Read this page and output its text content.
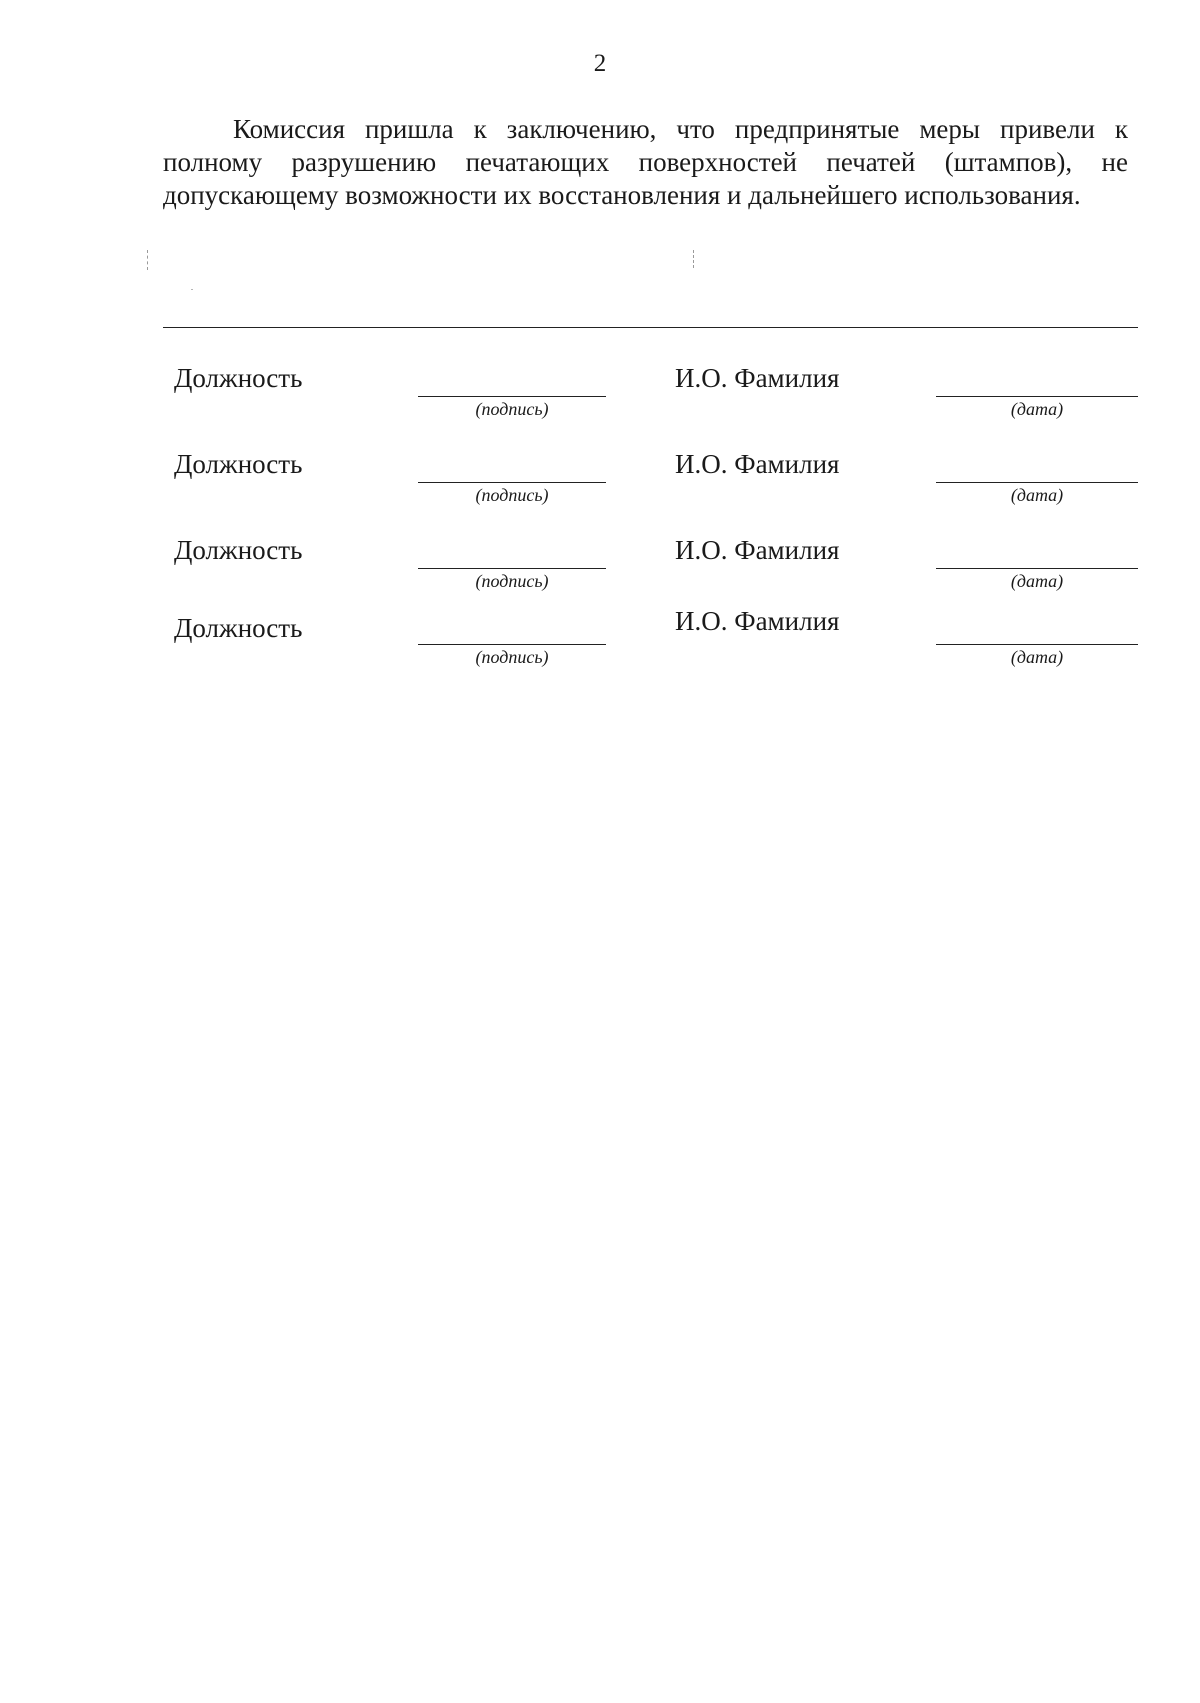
2

Комиссия пришла к заключению, что предпринятые меры привели к полному разрушению печатающих поверхностей печатей (штампов), не допускающему возможности их восстановления и дальнейшего использования.

Должность
(подпись)
И.О. Фамилия
(дата)
Должность
(подпись)
И.О. Фамилия
(дата)
Должность
(подпись)
И.О. Фамилия
(дата)
Должность
(подпись)
И.О. Фамилия
(дата)
